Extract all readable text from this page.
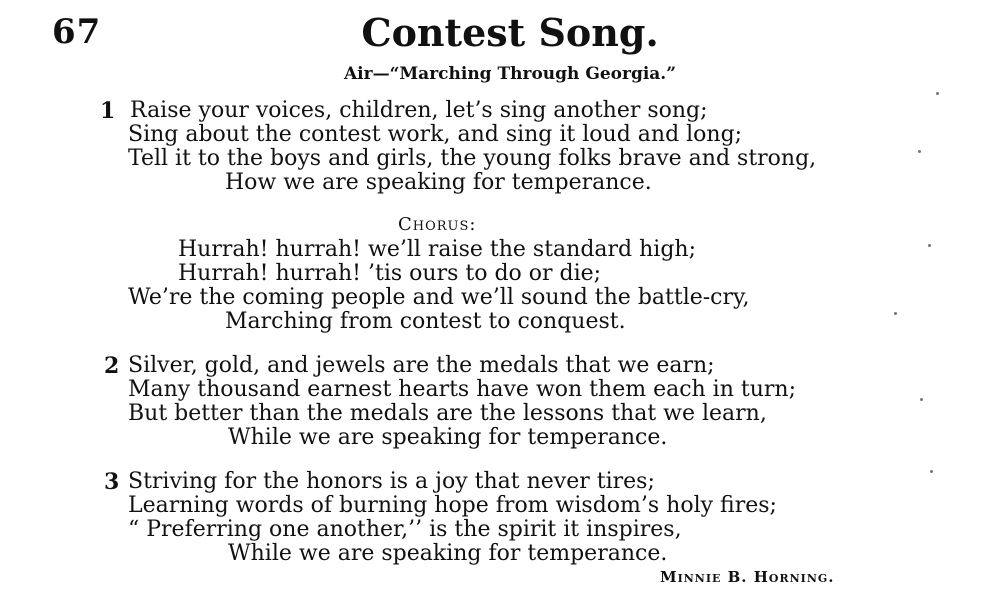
67	Contest Song.
Air—“Marching Through Georgia.”
1 Raise your voices, children, let’s sing another song;
Sing about the contest work, and sing it loud and long;
Tell it to the boys and girls, the young folks brave and strong,
How we are speaking for temperance.
Chorus:
Hurrah! hurrah! we’ll raise the standard high;
Hurrah! hurrah! ’tis ours to do or die;
We’re the coming people and we’ll sound the battle-cry,
Marching from contest to conquest.
2 Silver, gold, and jewels are the medals that we earn;
Many thousand earnest hearts have won them each in turn;
But better than the medals are the lessons that we learn,
While we are speaking for temperance.
3 Striving for the honors is a joy that never tires;
Learning words of burning hope from wisdom’s holy fires;
“ Preferring one another,’’ is the spirit it inspires,
While we are speaking for temperance.
Minnie B. Horning.
